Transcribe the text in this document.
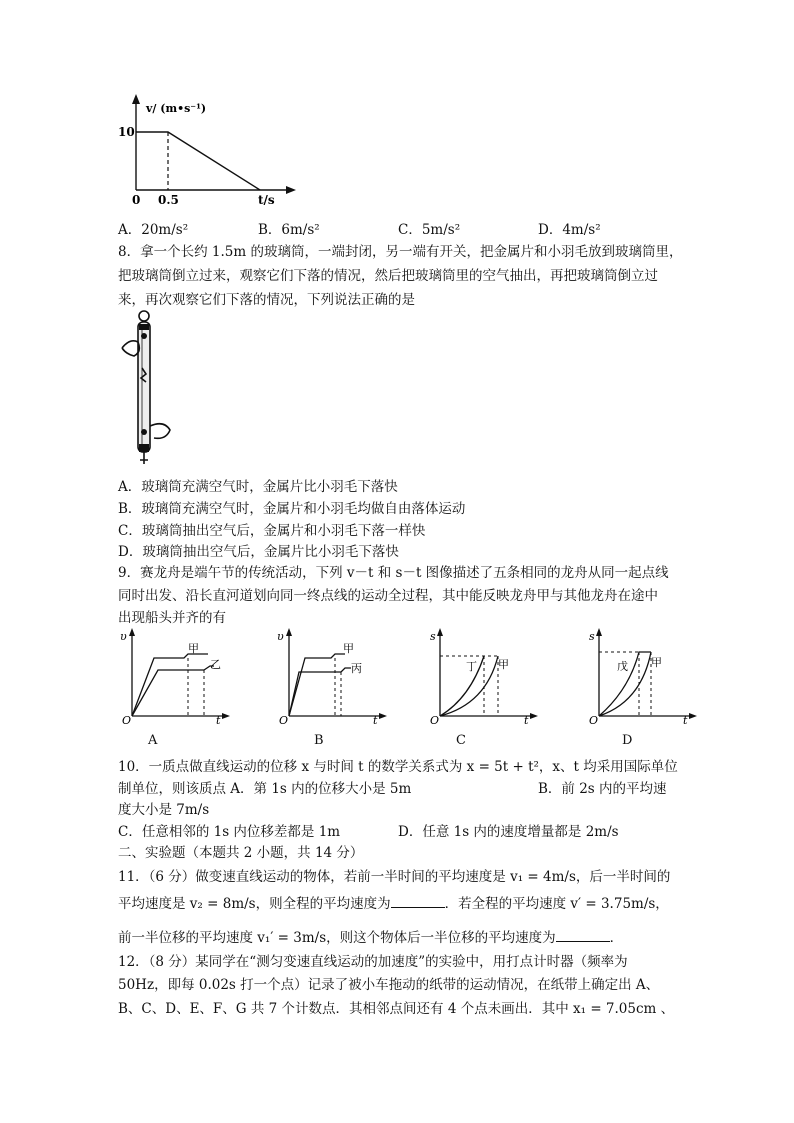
v/ (m•s⁻¹)
10
0 0.5	t/s
A．20m/s²	B．6m/s²	C．5m/s²	D．4m/s²
8．拿一个长约 1.5m 的玻璃筒，一端封闭，另一端有开关，把金属片和小羽毛放到玻璃筒里，
把玻璃筒倒立过来，观察它们下落的情况，然后把玻璃筒里的空气抽出，再把玻璃筒倒立过
来，再次观察它们下落的情况，下列说法正确的是
A．玻璃筒充满空气时，金属片比小羽毛下落快
B．玻璃筒充满空气时，金属片和小羽毛均做自由落体运动
C．玻璃筒抽出空气后，金属片和小羽毛下落一样快
D．玻璃筒抽出空气后，金属片比小羽毛下落快
9．赛龙舟是端午节的传统活动，下列 v－t 和 s－t 图像描述了五条相同的龙舟从同一起点线
同时出发、沿长直河道划向同一终点线的运动全过程，其中能反映龙舟甲与其他龙舟在途中
出现船头并齐的有
υ
O	t
甲
乙
A
υ
O	t
甲
丙
B
s
O	t
丁 甲
C
s
O	t
戊 甲
D
10．一质点做直线运动的位移 x 与时间 t 的数学关系式为 x = 5t + t²，x、t 均采用国际单位
制单位，则该质点 A．第 1s 内的位移大小是 5m	B．前 2s 内的平均速
度大小是 7m/s
C．任意相邻的 1s 内位移差都是 1m	D．任意 1s 内的速度增量都是 2m/s
二、实验题（本题共 2 小题，共 14 分）
11．（6 分）做变速直线运动的物体，若前一半时间的平均速度是 v₁ = 4m/s，后一半时间的
平均速度是 v₂ = 8m/s，则全程的平均速度为	．若全程的平均速度 v′ = 3.75m/s，
前一半位移的平均速度 v₁′ = 3m/s，则这个物体后一半位移的平均速度为	．
12．（8 分）某同学在“测匀变速直线运动的加速度”的实验中，用打点计时器（频率为
50Hz，即每 0.02s 打一个点）记录了被小车拖动的纸带的运动情况，在纸带上确定出 A、
B、C、D、E、F、G 共 7 个计数点．其相邻点间还有 4 个点未画出．其中 x₁ = 7.05cm 、
